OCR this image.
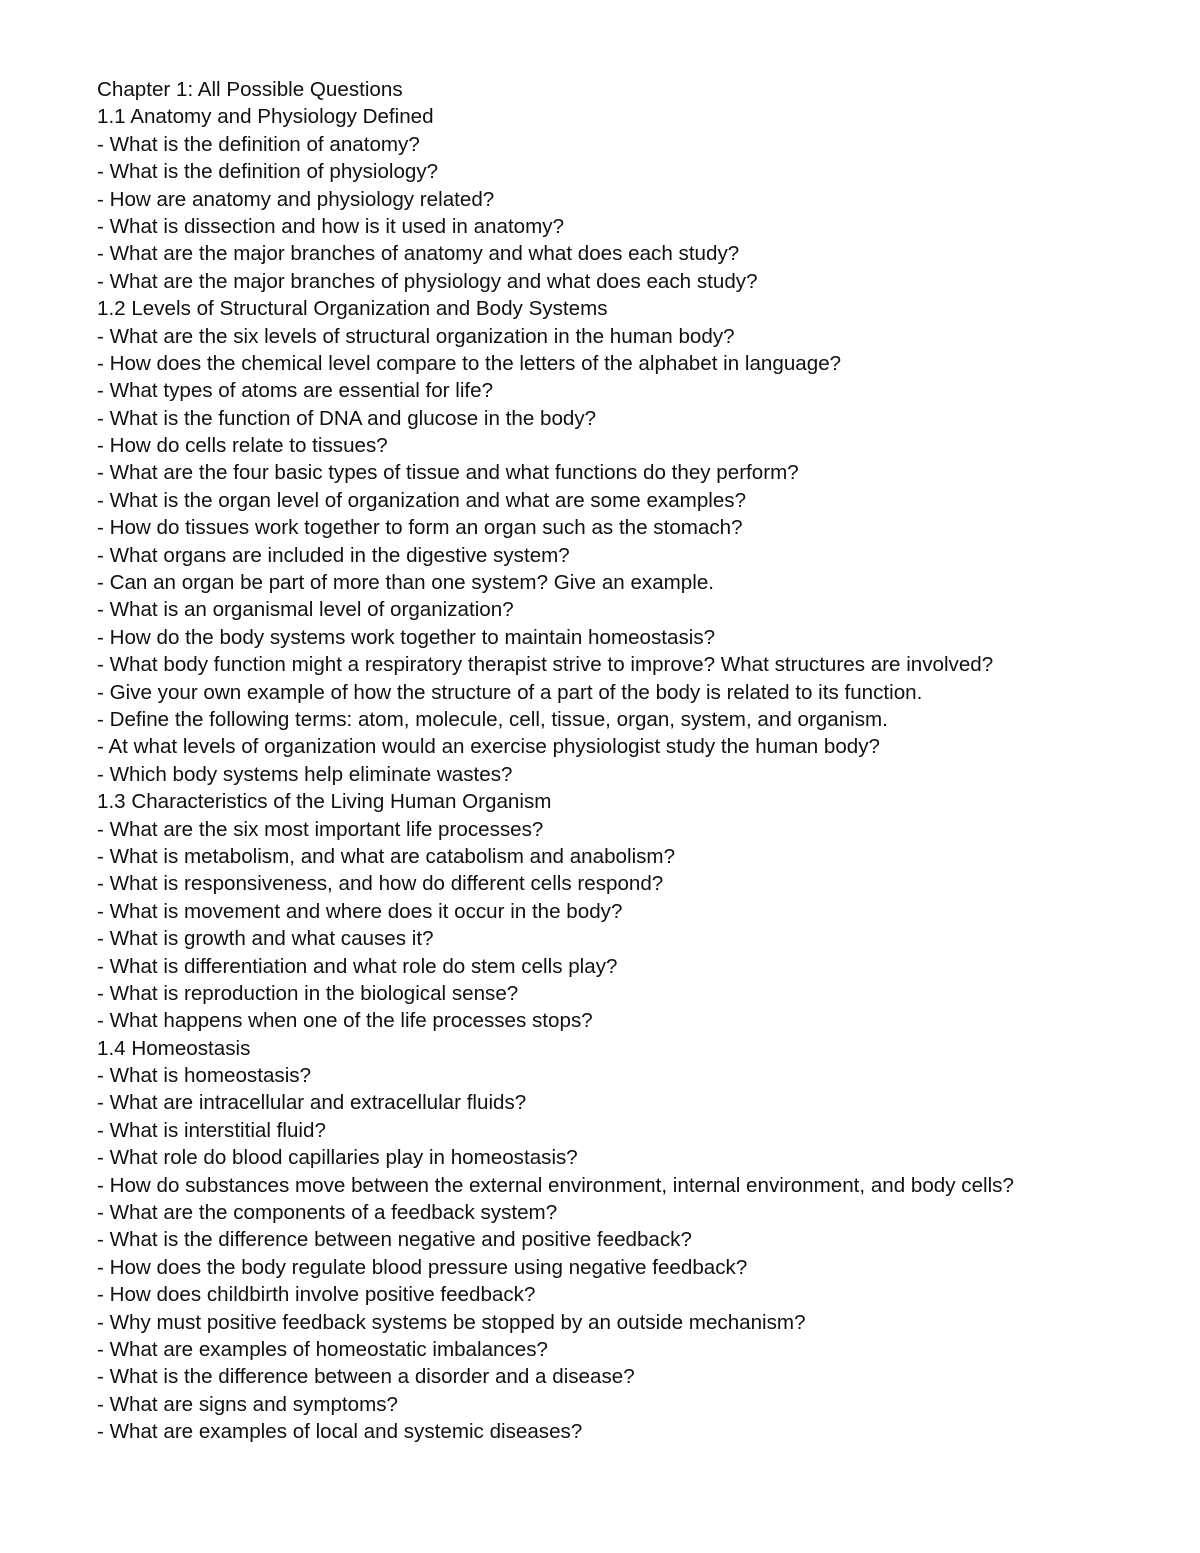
Chapter 1: All Possible Questions
1.1 Anatomy and Physiology Defined
- What is the definition of anatomy?
- What is the definition of physiology?
- How are anatomy and physiology related?
- What is dissection and how is it used in anatomy?
- What are the major branches of anatomy and what does each study?
- What are the major branches of physiology and what does each study?
1.2 Levels of Structural Organization and Body Systems
- What are the six levels of structural organization in the human body?
- How does the chemical level compare to the letters of the alphabet in language?
- What types of atoms are essential for life?
- What is the function of DNA and glucose in the body?
- How do cells relate to tissues?
- What are the four basic types of tissue and what functions do they perform?
- What is the organ level of organization and what are some examples?
- How do tissues work together to form an organ such as the stomach?
- What organs are included in the digestive system?
- Can an organ be part of more than one system? Give an example.
- What is an organismal level of organization?
- How do the body systems work together to maintain homeostasis?
- What body function might a respiratory therapist strive to improve? What structures are involved?
- Give your own example of how the structure of a part of the body is related to its function.
- Define the following terms: atom, molecule, cell, tissue, organ, system, and organism.
- At what levels of organization would an exercise physiologist study the human body?
- Which body systems help eliminate wastes?
1.3 Characteristics of the Living Human Organism
- What are the six most important life processes?
- What is metabolism, and what are catabolism and anabolism?
- What is responsiveness, and how do different cells respond?
- What is movement and where does it occur in the body?
- What is growth and what causes it?
- What is differentiation and what role do stem cells play?
- What is reproduction in the biological sense?
- What happens when one of the life processes stops?
1.4 Homeostasis
- What is homeostasis?
- What are intracellular and extracellular fluids?
- What is interstitial fluid?
- What role do blood capillaries play in homeostasis?
- How do substances move between the external environment, internal environment, and body cells?
- What are the components of a feedback system?
- What is the difference between negative and positive feedback?
- How does the body regulate blood pressure using negative feedback?
- How does childbirth involve positive feedback?
- Why must positive feedback systems be stopped by an outside mechanism?
- What are examples of homeostatic imbalances?
- What is the difference between a disorder and a disease?
- What are signs and symptoms?
- What are examples of local and systemic diseases?
